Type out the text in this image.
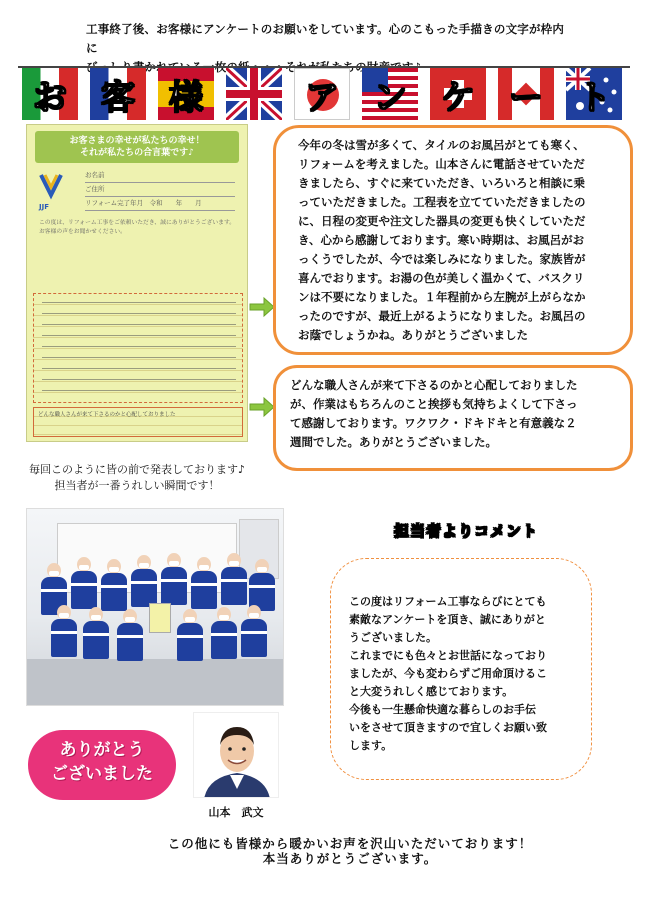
工事終了後、お客様にアンケートのお願いをしています。心のこもった手描きの文字が枠内に
お 客 様	ア ン ケ ー ト
お客さまの幸せが私たちの幸せ！
それが私たちの合言葉です♪
JJF
お名前
ご住所
リフォーム完了年月　令和　　年　　月
この度は、リフォーム工事をご依頼いただき、誠にありがとうございます。お客様の声をお聞かせください。
どんな職人さんが来て下さるのかと心配しておりました
毎回このように皆の前で発表しております♪
担当者が一番うれしい瞬間です！
今年の冬は雪が多くて、タイルのお風呂がとても寒く、
リフォームを考えました。山本さんに電話させていただ
きましたら、すぐに来ていただき、いろいろと相談に乗
っていただきました。工程表を立てていただきましたの
に、日程の変更や注文した器具の変更も快くしていただ
き、心から感謝しております。寒い時期は、お風呂がお
っくうでしたが、今では楽しみになりました。家族皆が
喜んでおります。お湯の色が美しく温かくて、バスクリ
ンは不要になりました。１年程前から左腕が上がらなか
ったのですが、最近上がるようになりました。お風呂の
お蔭でしょうかね。ありがとうございました
どんな職人さんが来て下さるのかと心配しておりました
が、作業はもちろんのこと挨拶も気持ちよくして下さっ
て感謝しております。ワクワク・ドキドキと有意義な２
週間でした。ありがとうございました。
担当者よりコメント
この度はリフォーム工事ならびにとても
素敵なアンケートを頂き、誠にありがと
うございました。
これまでにも色々とお世話になっており
ましたが、今も変わらずご用命頂けるこ
と大変うれしく感じております。
今後も一生懸命快適な暮らしのお手伝
いをさせて頂きますので宜しくお願い致
します。
ありがとう
ございました
山本　武文
この他にも皆様から暖かいお声を沢山いただいております！
本当ありがとうございます。
